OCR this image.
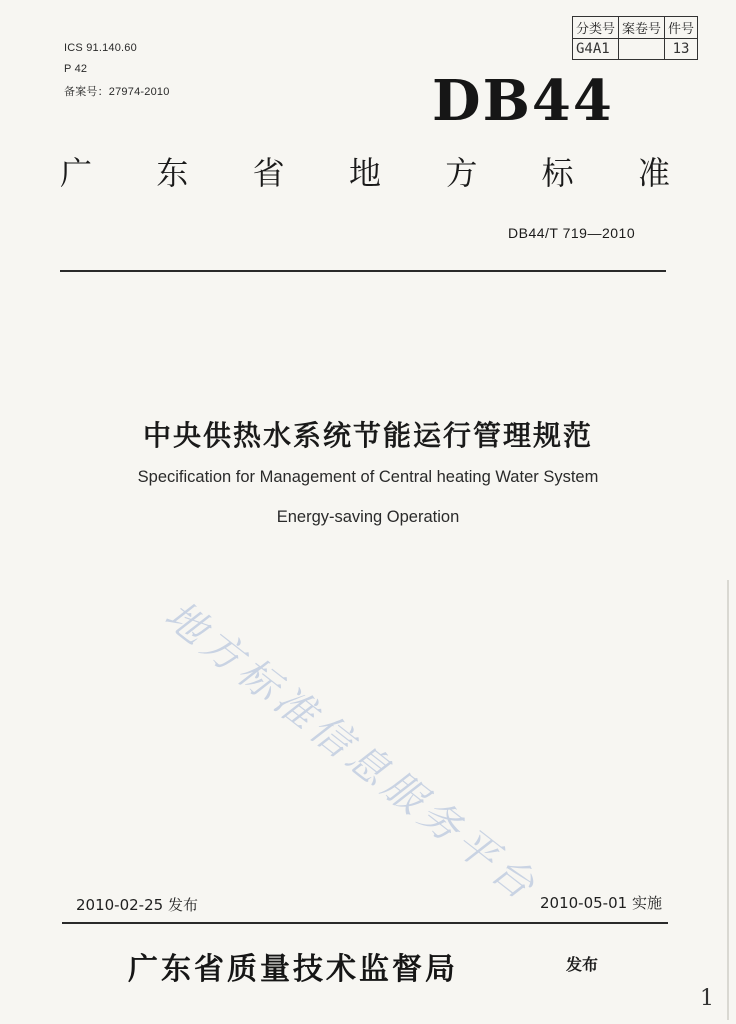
ICS 91.140.60
P 42
备案号：27974-2010
分类号	案卷号	件号
G4A1		13
DB44
广 东 省 地 方 标 准
DB44/T 719—2010
中央供热水系统节能运行管理规范
Specification for Management of Central heating Water System
Energy-saving Operation
地方标准信息服务平台
2010-02-25 发布	2010-05-01 实施
广东省质量技术监督局	发布
1
